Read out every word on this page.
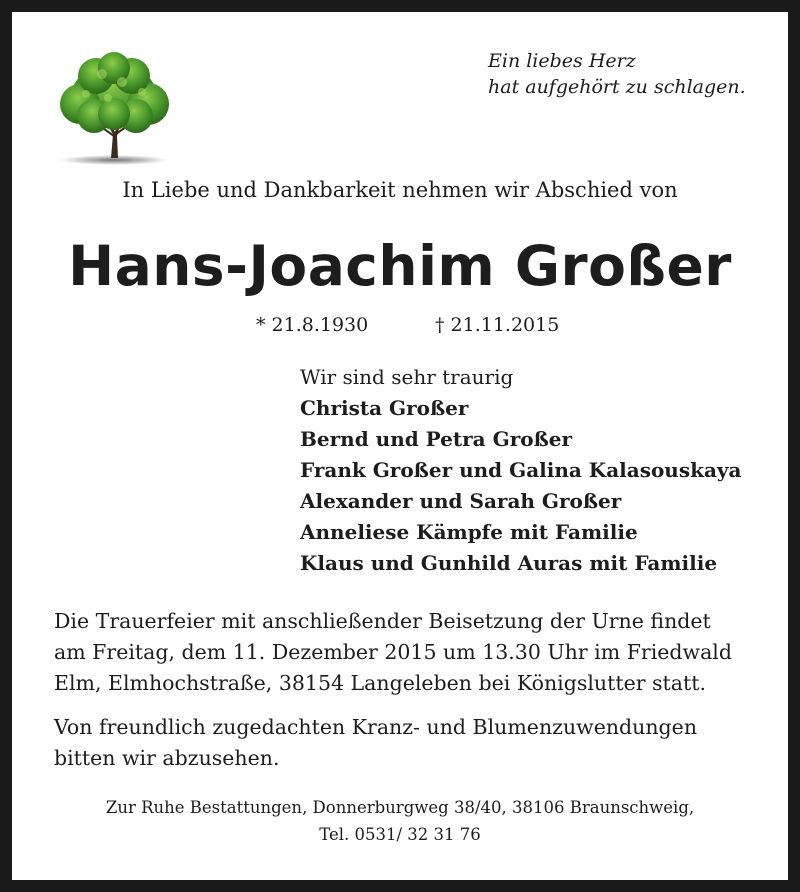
Ein liebes Herz
hat aufgehört zu schlagen.
In Liebe und Dankbarkeit nehmen wir Abschied von
Hans-Joachim Großer
* 21.8.1930	† 21.11.2015
Wir sind sehr traurig
Christa Großer
Bernd und Petra Großer
Frank Großer und Galina Kalasouskaya
Alexander und Sarah Großer
Anneliese Kämpfe mit Familie
Klaus und Gunhild Auras mit Familie
Die Trauerfeier mit anschließender Beisetzung der Urne findet
am Freitag, dem 11. Dezember 2015 um 13.30 Uhr im Friedwald
Elm, Elmhochstraße, 38154 Langeleben bei Königslutter statt.
Von freundlich zugedachten Kranz- und Blumenzuwendungen
bitten wir abzusehen.
Zur Ruhe Bestattungen, Donnerburgweg 38/40, 38106 Braunschweig,
Tel. 0531/ 32 31 76
